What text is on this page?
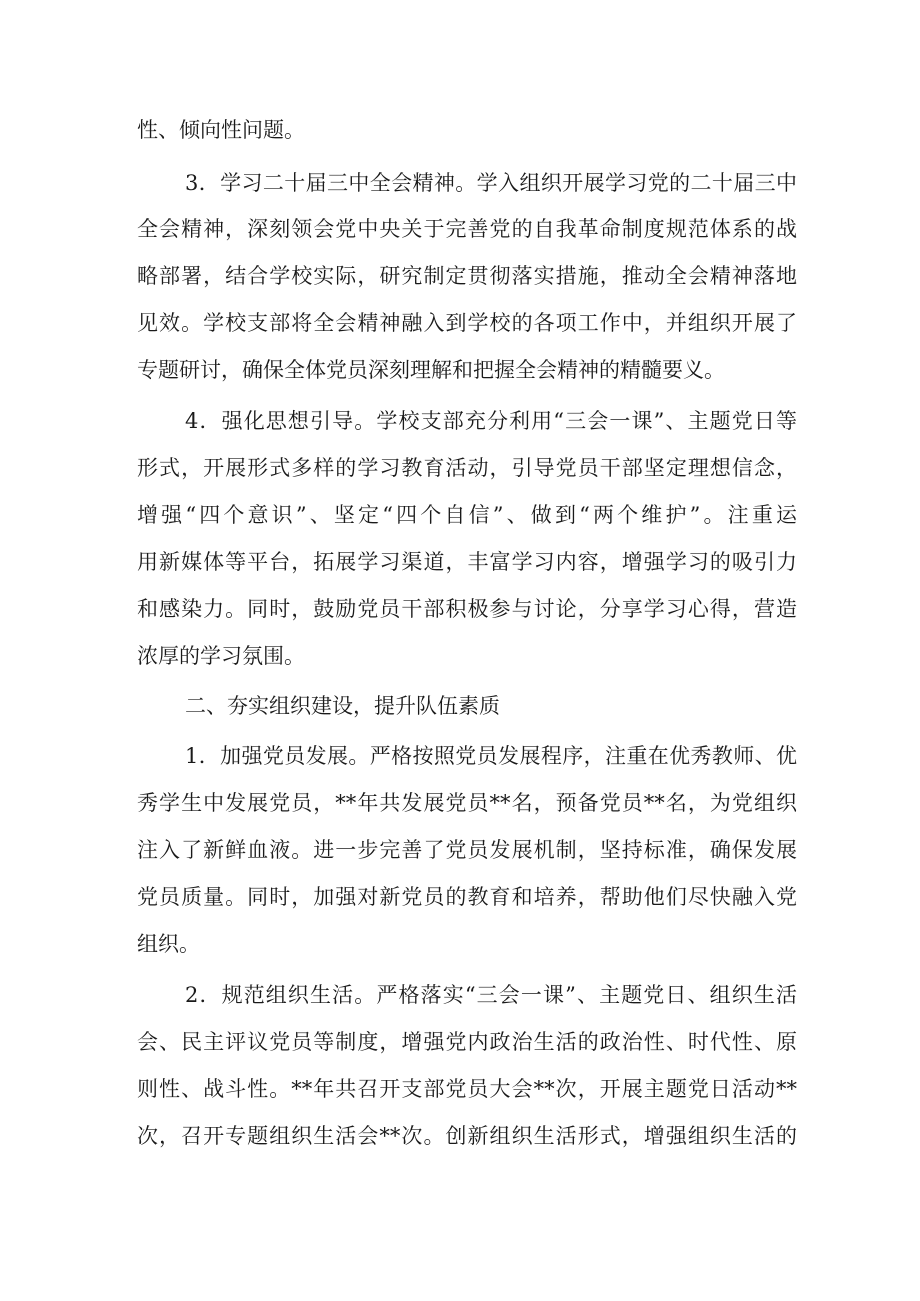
性、倾向性问题。

3．学习二十届三中全会精神。学入组织开展学习党的二十届三中

全会精神，深刻领会党中央关于完善党的自我革命制度规范体系的战

略部署，结合学校实际，研究制定贯彻落实措施，推动全会精神落地

见效。学校支部将全会精神融入到学校的各项工作中，并组织开展了

专题研讨，确保全体党员深刻理解和把握全会精神的精髓要义。

4．强化思想引导。学校支部充分利用“三会一课”、主题党日等

形式，开展形式多样的学习教育活动，引导党员干部坚定理想信念，

增强“四个意识”、坚定“四个自信”、做到“两个维护”。注重运

用新媒体等平台，拓展学习渠道，丰富学习内容，增强学习的吸引力

和感染力。同时，鼓励党员干部积极参与讨论，分享学习心得，营造

浓厚的学习氛围。

二、夯实组织建设，提升队伍素质

1．加强党员发展。严格按照党员发展程序，注重在优秀教师、优

秀学生中发展党员，**年共发展党员**名，预备党员**名，为党组织

注入了新鲜血液。进一步完善了党员发展机制，坚持标准，确保发展

党员质量。同时，加强对新党员的教育和培养，帮助他们尽快融入党

组织。

2．规范组织生活。严格落实“三会一课”、主题党日、组织生活

会、民主评议党员等制度，增强党内政治生活的政治性、时代性、原

则性、战斗性。**年共召开支部党员大会**次，开展主题党日活动**

次，召开专题组织生活会**次。创新组织生活形式，增强组织生活的
